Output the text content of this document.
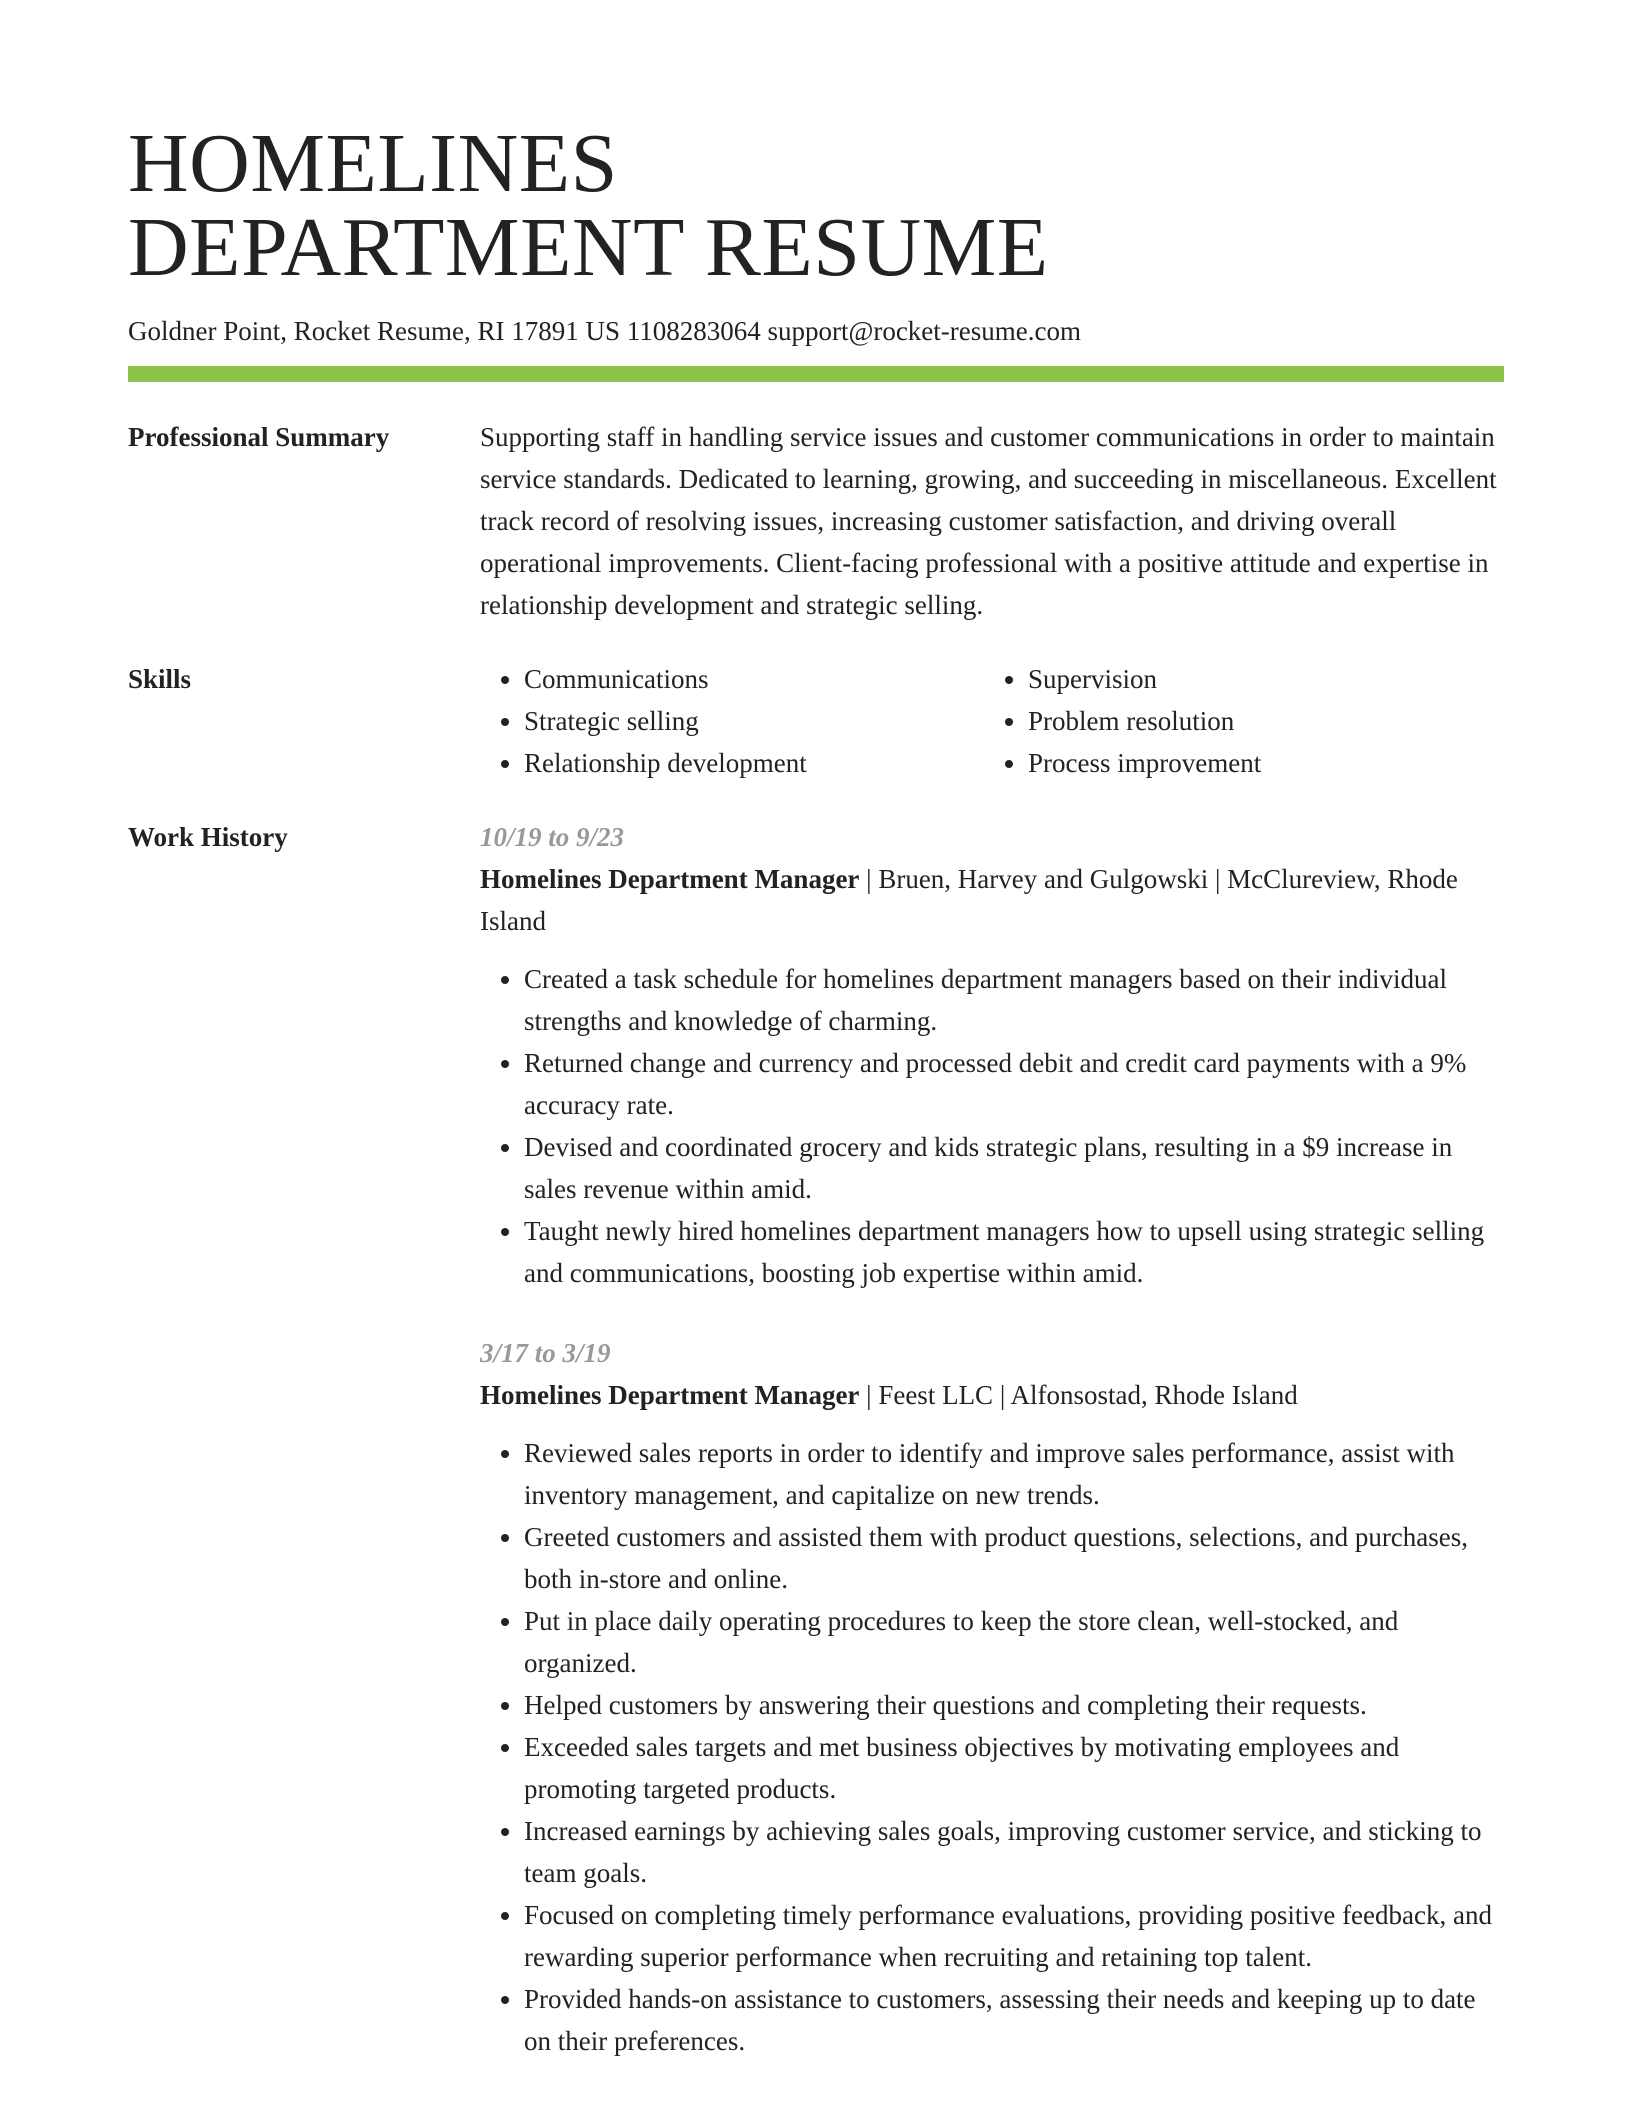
HOMELINES
DEPARTMENT RESUME
Goldner Point, Rocket Resume, RI 17891 US 1108283064 support@rocket-resume.com
Professional Summary	Supporting staff in handling service issues and customer communications in order to maintain service standards. Dedicated to learning, growing, and succeeding in miscellaneous. Excellent track record of resolving issues, increasing customer satisfaction, and driving overall operational improvements. Client-facing professional with a positive attitude and expertise in relationship development and strategic selling.

Skills
•	Communications
• Strategic selling
• Relationship development
• Supervision
• Problem resolution
• Process improvement
Work History	10/19 to 9/23
Homelines Department Manager | Bruen, Harvey and Gulgowski | McClureview, Rhode Island
• Created a task schedule for homelines department managers based on their individual strengths and knowledge of charming.
• Returned change and currency and processed debit and credit card payments with a 9% accuracy rate.
• Devised and coordinated grocery and kids strategic plans, resulting in a $9 increase in sales revenue within amid.
• Taught newly hired homelines department managers how to upsell using strategic selling and communications, boosting job expertise within amid.
3/17 to 3/19
Homelines Department Manager | Feest LLC | Alfonsostad, Rhode Island
• Reviewed sales reports in order to identify and improve sales performance, assist with inventory management, and capitalize on new trends.
• Greeted customers and assisted them with product questions, selections, and purchases, both in-store and online.
• Put in place daily operating procedures to keep the store clean, well-stocked, and organized.
• Helped customers by answering their questions and completing their requests.
• Exceeded sales targets and met business objectives by motivating employees and promoting targeted products.
• Increased earnings by achieving sales goals, improving customer service, and sticking to team goals.
• Focused on completing timely performance evaluations, providing positive feedback, and rewarding superior performance when recruiting and retaining top talent.
• Provided hands-on assistance to customers, assessing their needs and keeping up to date on their preferences.
